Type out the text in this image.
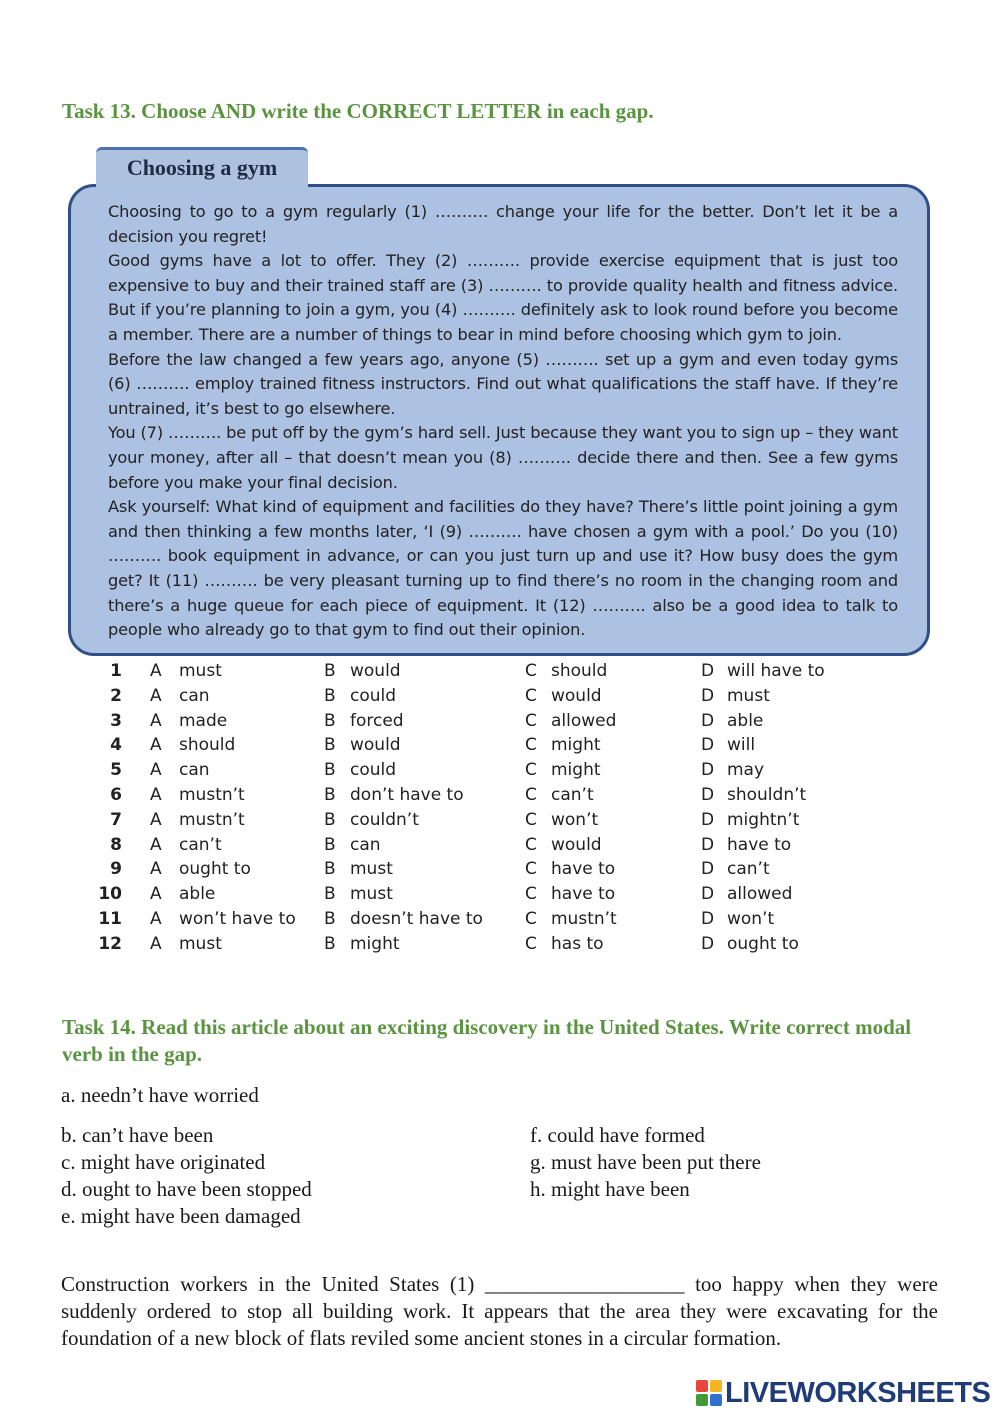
Task 13. Choose AND write the CORRECT LETTER in each gap.
Choosing a gym

Choosing to go to a gym regularly (1) ………. change your life for the better. Don’t let it be a decision you regret!

Good gyms have a lot to offer. They (2) ………. provide exercise equipment that is just too expensive to buy and their trained staff are (3) ………. to provide quality health and fitness advice. But if you’re planning to join a gym, you (4) ………. definitely ask to look round before you become a member. There are a number of things to bear in mind before choosing which gym to join.

Before the law changed a few years ago, anyone (5) ………. set up a gym and even today gyms (6) ………. employ trained fitness instructors. Find out what qualifications the staff have. If they’re untrained, it’s best to go elsewhere.

You (7) ………. be put off by the gym’s hard sell. Just because they want you to sign up – they want your money, after all – that doesn’t mean you (8) ………. decide there and then. See a few gyms before you make your final decision.

Ask yourself: What kind of equipment and facilities do they have? There’s little point joining a gym and then thinking a few months later, ‘I (9) ………. have chosen a gym with a pool.’ Do you (10) ………. book equipment in advance, or can you just turn up and use it? How busy does the gym get? It (11) ………. be very pleasant turning up to find there’s no room in the changing room and there’s a huge queue for each piece of equipment. It (12) ………. also be a good idea to talk to people who already go to that gym to find out their opinion.

1 A must	B would	C should	D will have to
2 A can	B could	C would	D must
3 A made	B forced	C allowed	D able
4 A should	B would	C might	D will
5 A can	B could	C might	D may
6 A mustn’t	B don’t have to	C can’t	D shouldn’t
7 A mustn’t	B couldn’t	C won’t	D mightn’t
8 A can’t	B can	C would	D have to
9 A ought to	B must	C have to	D can’t
10 A able	B must	C have to	D allowed
11 A won’t have to B doesn’t have to C mustn’t	D won’t
12 A must	B might	C has to	D ought to
Task 14. Read this article about an exciting discovery in the United States. Write correct modal verb in the gap.
a. needn’t have worried
b. can’t have been
c. might have originated
d. ought to have been stopped
e. might have been damaged
f. could have formed
g. must have been put there
h. might have been
Construction workers in the United States (1) ___________________ too happy when they were suddenly ordered to stop all building work. It appears that the area they were excavating for the foundation of a new block of flats reviled some ancient stones in a circular formation.
LIVEWORKSHEETS
